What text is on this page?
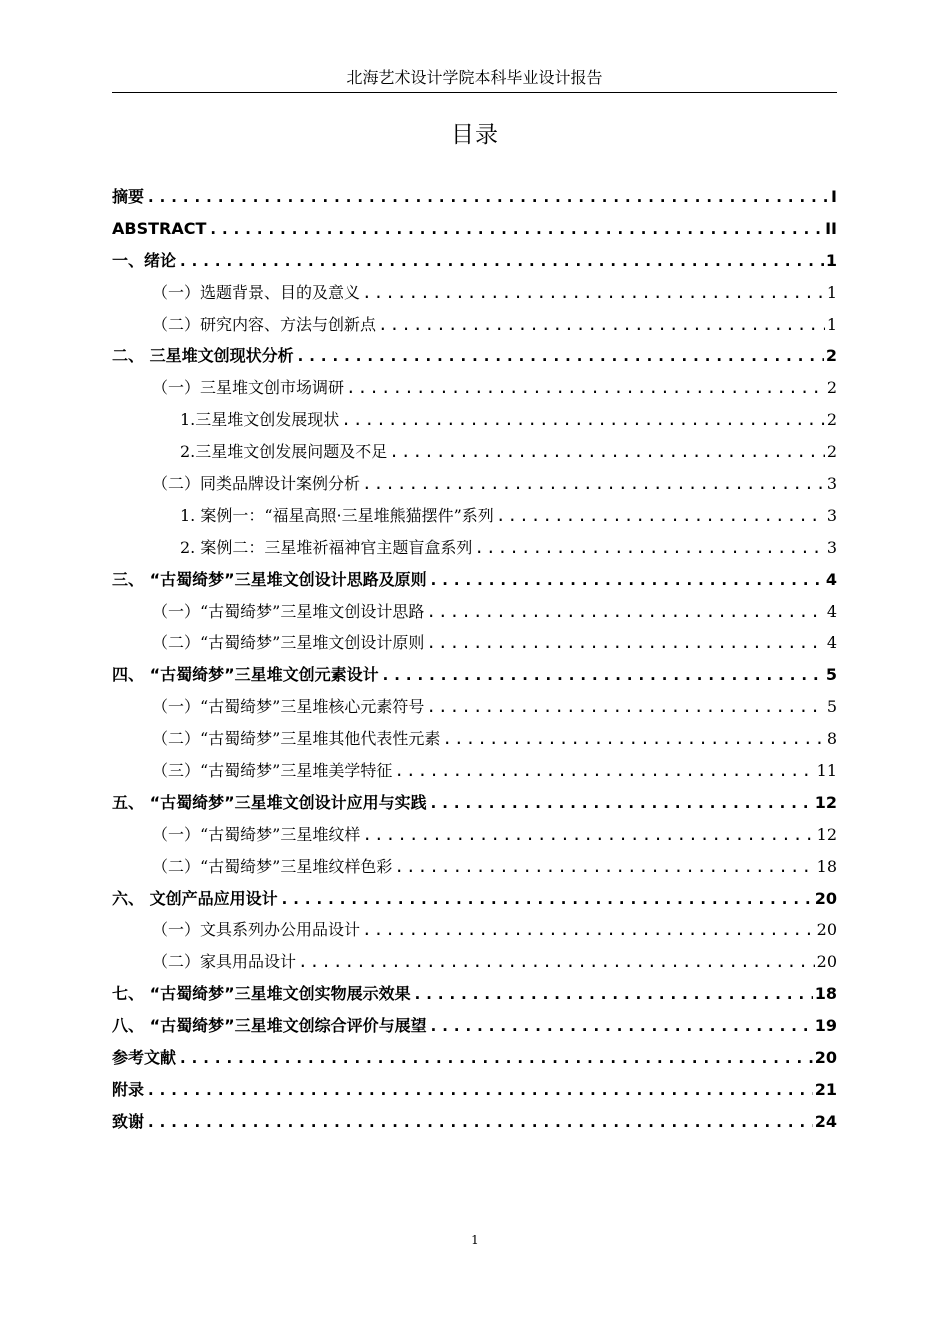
北海艺术设计学院本科毕业设计报告
目录
摘要 .....	I
ABSTRACT .....	II
一、绪论 .....	1
（一）选题背景、目的及意义 .....	1
（二）研究内容、方法与创新点 .....	1
二、 三星堆文创现状分析 .....	2
（一）三星堆文创市场调研 .....	2
1.三星堆文创发展现状 .....	2
2.三星堆文创发展问题及不足 .....	2
（二）同类品牌设计案例分析 .....	3
1. 案例一：“福星高照·三星堆熊猫摆件”系列 .....	3
2. 案例二：三星堆祈福神官主题盲盒系列 .....	3
三、 “古蜀绮梦”三星堆文创设计思路及原则 .....	4
（一）“古蜀绮梦”三星堆文创设计思路 .....	4
（二）“古蜀绮梦”三星堆文创设计原则 .....	4
四、 “古蜀绮梦”三星堆文创元素设计 .....	5
（一）“古蜀绮梦”三星堆核心元素符号 .....	5
（二）“古蜀绮梦”三星堆其他代表性元素 .....	8
（三）“古蜀绮梦”三星堆美学特征 .....	11
五、 “古蜀绮梦”三星堆文创设计应用与实践 .....	12
（一）“古蜀绮梦”三星堆纹样 .....	12
（二）“古蜀绮梦”三星堆纹样色彩 .....	18
六、 文创产品应用设计 .....	20
（一）文具系列办公用品设计 .....	20
（二）家具用品设计 .....	20
七、 “古蜀绮梦”三星堆文创实物展示效果 .....	18
八、 “古蜀绮梦”三星堆文创综合评价与展望 .....	19
参考文献 .....	20
附录 .....	21
致谢 .....	24
1
